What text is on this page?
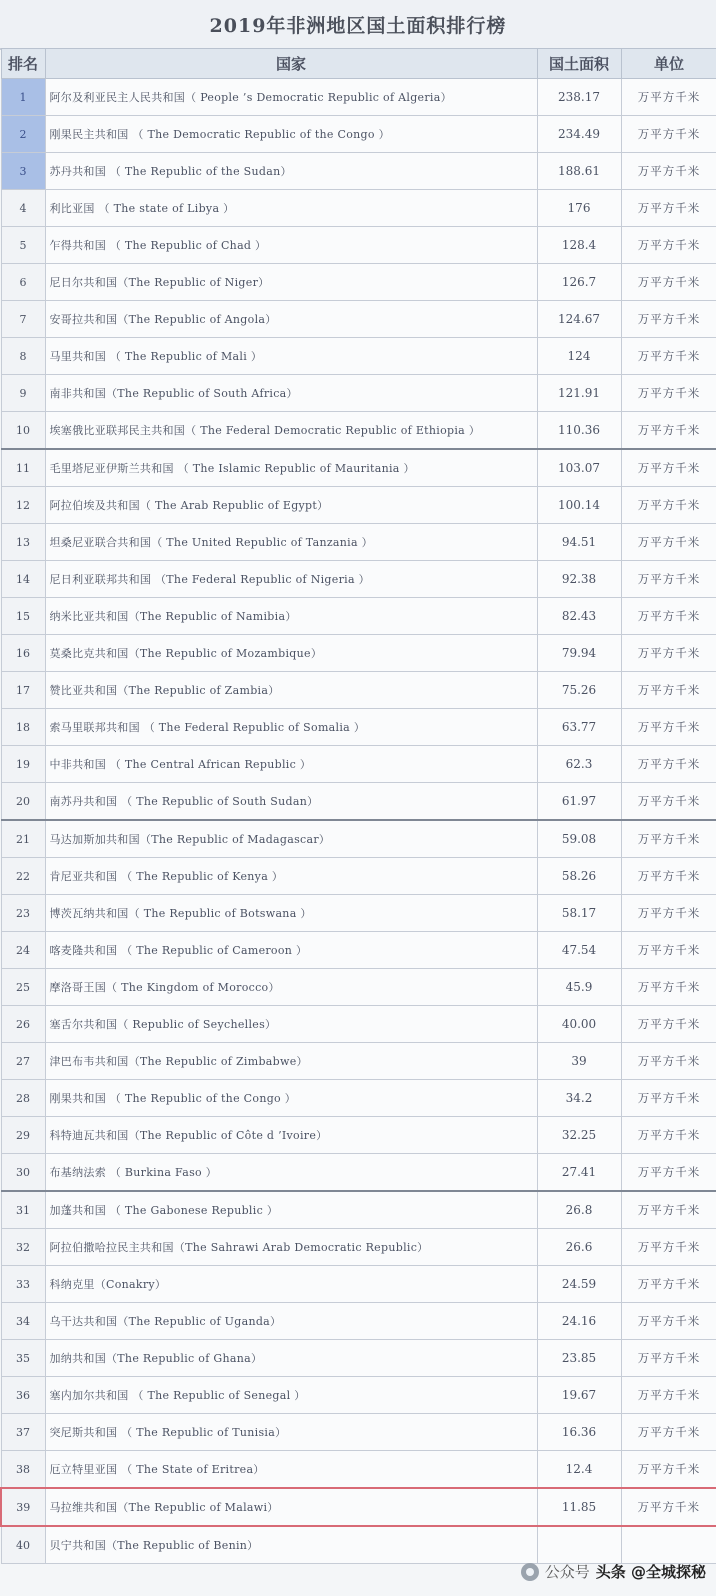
2019年非洲地区国土面积排行榜
排名	国家	国土面积	单位
1	阿尔及利亚民主人民共和国（ People ’s Democratic Republic of Algeria）	238.17	万平方千米
2	刚果民主共和国 （ The Democratic Republic of the Congo ）	234.49	万平方千米
3	苏丹共和国 （ The Republic of the Sudan）	188.61	万平方千米
4	利比亚国 （ The state of Libya ）	176	万平方千米
5	乍得共和国 （ The Republic of Chad ）	128.4	万平方千米
6	尼日尔共和国（The Republic of Niger）	126.7	万平方千米
7	安哥拉共和国（The Republic of Angola）	124.67	万平方千米
8	马里共和国 （ The Republic of Mali ）	124	万平方千米
9	南非共和国（The Republic of South Africa）	121.91	万平方千米
10	埃塞俄比亚联邦民主共和国（ The Federal Democratic Republic of Ethiopia ）	110.36	万平方千米
11	毛里塔尼亚伊斯兰共和国 （ The Islamic Republic of Mauritania ）	103.07	万平方千米
12	阿拉伯埃及共和国（ The Arab Republic of Egypt）	100.14	万平方千米
13	坦桑尼亚联合共和国（ The United Republic of Tanzania ）	94.51	万平方千米
14	尼日利亚联邦共和国 （The Federal Republic of Nigeria ）	92.38	万平方千米
15	纳米比亚共和国（The Republic of Namibia）	82.43	万平方千米
16	莫桑比克共和国（The Republic of Mozambique）	79.94	万平方千米
17	赞比亚共和国（The Republic of Zambia）	75.26	万平方千米
18	索马里联邦共和国 （ The Federal Republic of Somalia ）	63.77	万平方千米
19	中非共和国 （ The Central African Republic ）	62.3	万平方千米
20	南苏丹共和国 （ The Republic of South Sudan）	61.97	万平方千米
21	马达加斯加共和国（The Republic of Madagascar）	59.08	万平方千米
22	肯尼亚共和国 （ The Republic of Kenya ）	58.26	万平方千米
23	博茨瓦纳共和国（ The Republic of Botswana ）	58.17	万平方千米
24	喀麦隆共和国 （ The Republic of Cameroon ）	47.54	万平方千米
25	摩洛哥王国（ The Kingdom of Morocco）	45.9	万平方千米
26	塞舌尔共和国（ Republic of Seychelles）	40.00	万平方千米
27	津巴布韦共和国（The Republic of Zimbabwe）	39	万平方千米
28	刚果共和国 （ The Republic of the Congo ）	34.2	万平方千米
29	科特迪瓦共和国（The Republic of Côte d ’Ivoire）	32.25	万平方千米
30	布基纳法索 （ Burkina Faso ）	27.41	万平方千米
31	加蓬共和国 （ The Gabonese Republic ）	26.8	万平方千米
32	阿拉伯撒哈拉民主共和国（The Sahrawi Arab Democratic Republic）	26.6	万平方千米
33	科纳克里（Conakry）	24.59	万平方千米
34	乌干达共和国（The Republic of Uganda）	24.16	万平方千米
35	加纳共和国（The Republic of Ghana）	23.85	万平方千米
36	塞内加尔共和国 （ The Republic of Senegal ）	19.67	万平方千米
37	突尼斯共和国 （ The Republic of Tunisia）	16.36	万平方千米
38	厄立特里亚国 （ The State of Eritrea）	12.4	万平方千米
39	马拉维共和国（The Republic of Malawi）	11.85	万平方千米
40	贝宁共和国（The Republic of Benin）		
公众号 头条 @全城探秘
